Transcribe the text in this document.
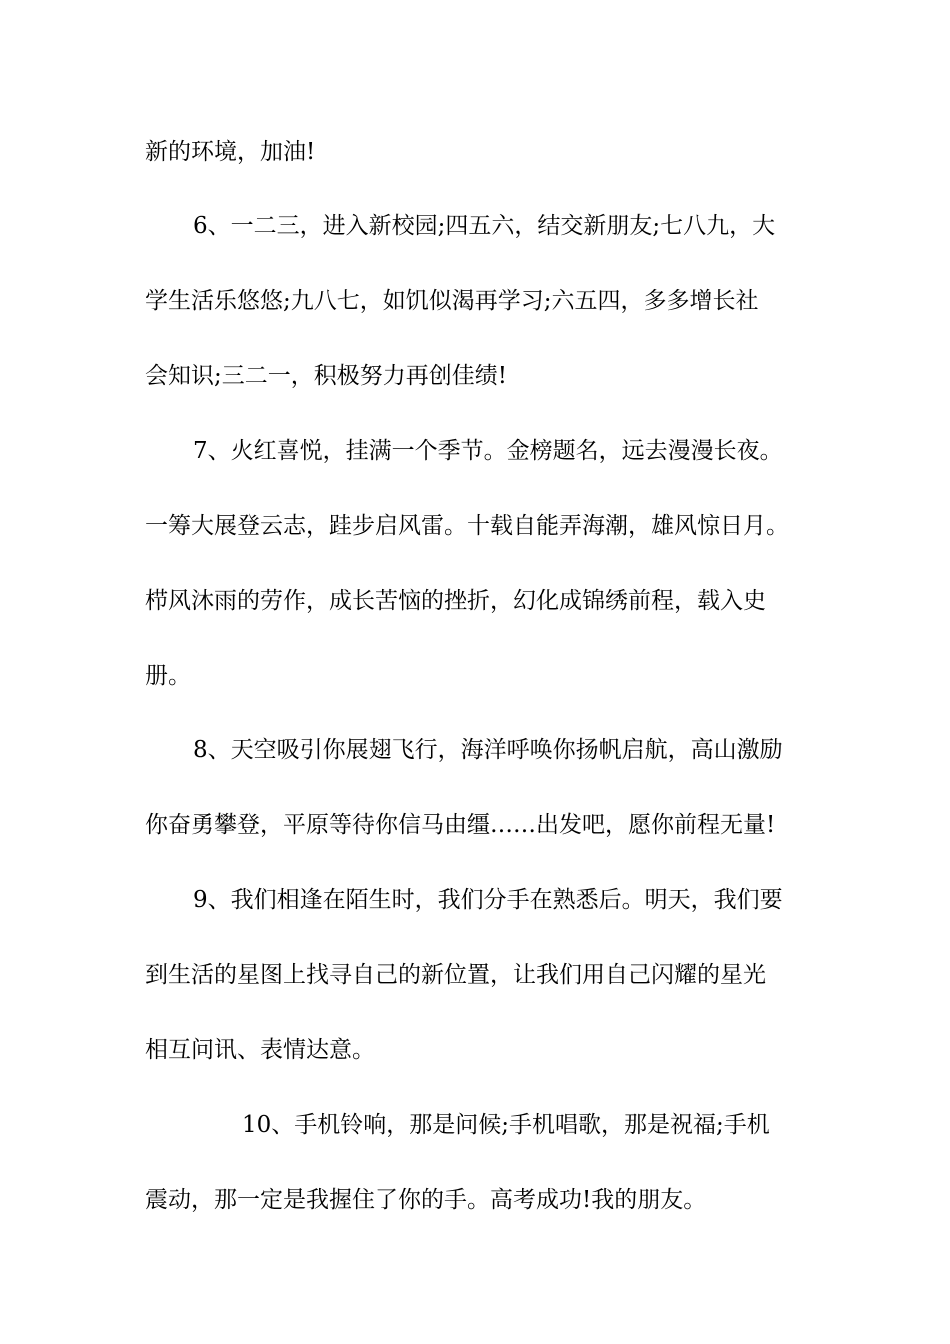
新的环境，加油!
6、一二三，进入新校园;四五六，结交新朋友;七八九，大
学生活乐悠悠;九八七，如饥似渴再学习;六五四，多多增长社
会知识;三二一，积极努力再创佳绩!
7、火红喜悦，挂满一个季节。金榜题名，远去漫漫长夜。
一筹大展登云志，跬步启风雷。十载自能弄海潮，雄风惊日月。
栉风沐雨的劳作，成长苦恼的挫折，幻化成锦绣前程，载入史
册。
8、天空吸引你展翅飞行，海洋呼唤你扬帆启航，高山激励
你奋勇攀登，平原等待你信马由缰……出发吧，愿你前程无量!
9、我们相逢在陌生时，我们分手在熟悉后。明天，我们要
到生活的星图上找寻自己的新位置，让我们用自己闪耀的星光
相互问讯、表情达意。
10、手机铃响，那是问候;手机唱歌，那是祝福;手机
震动，那一定是我握住了你的手。高考成功!我的朋友。
